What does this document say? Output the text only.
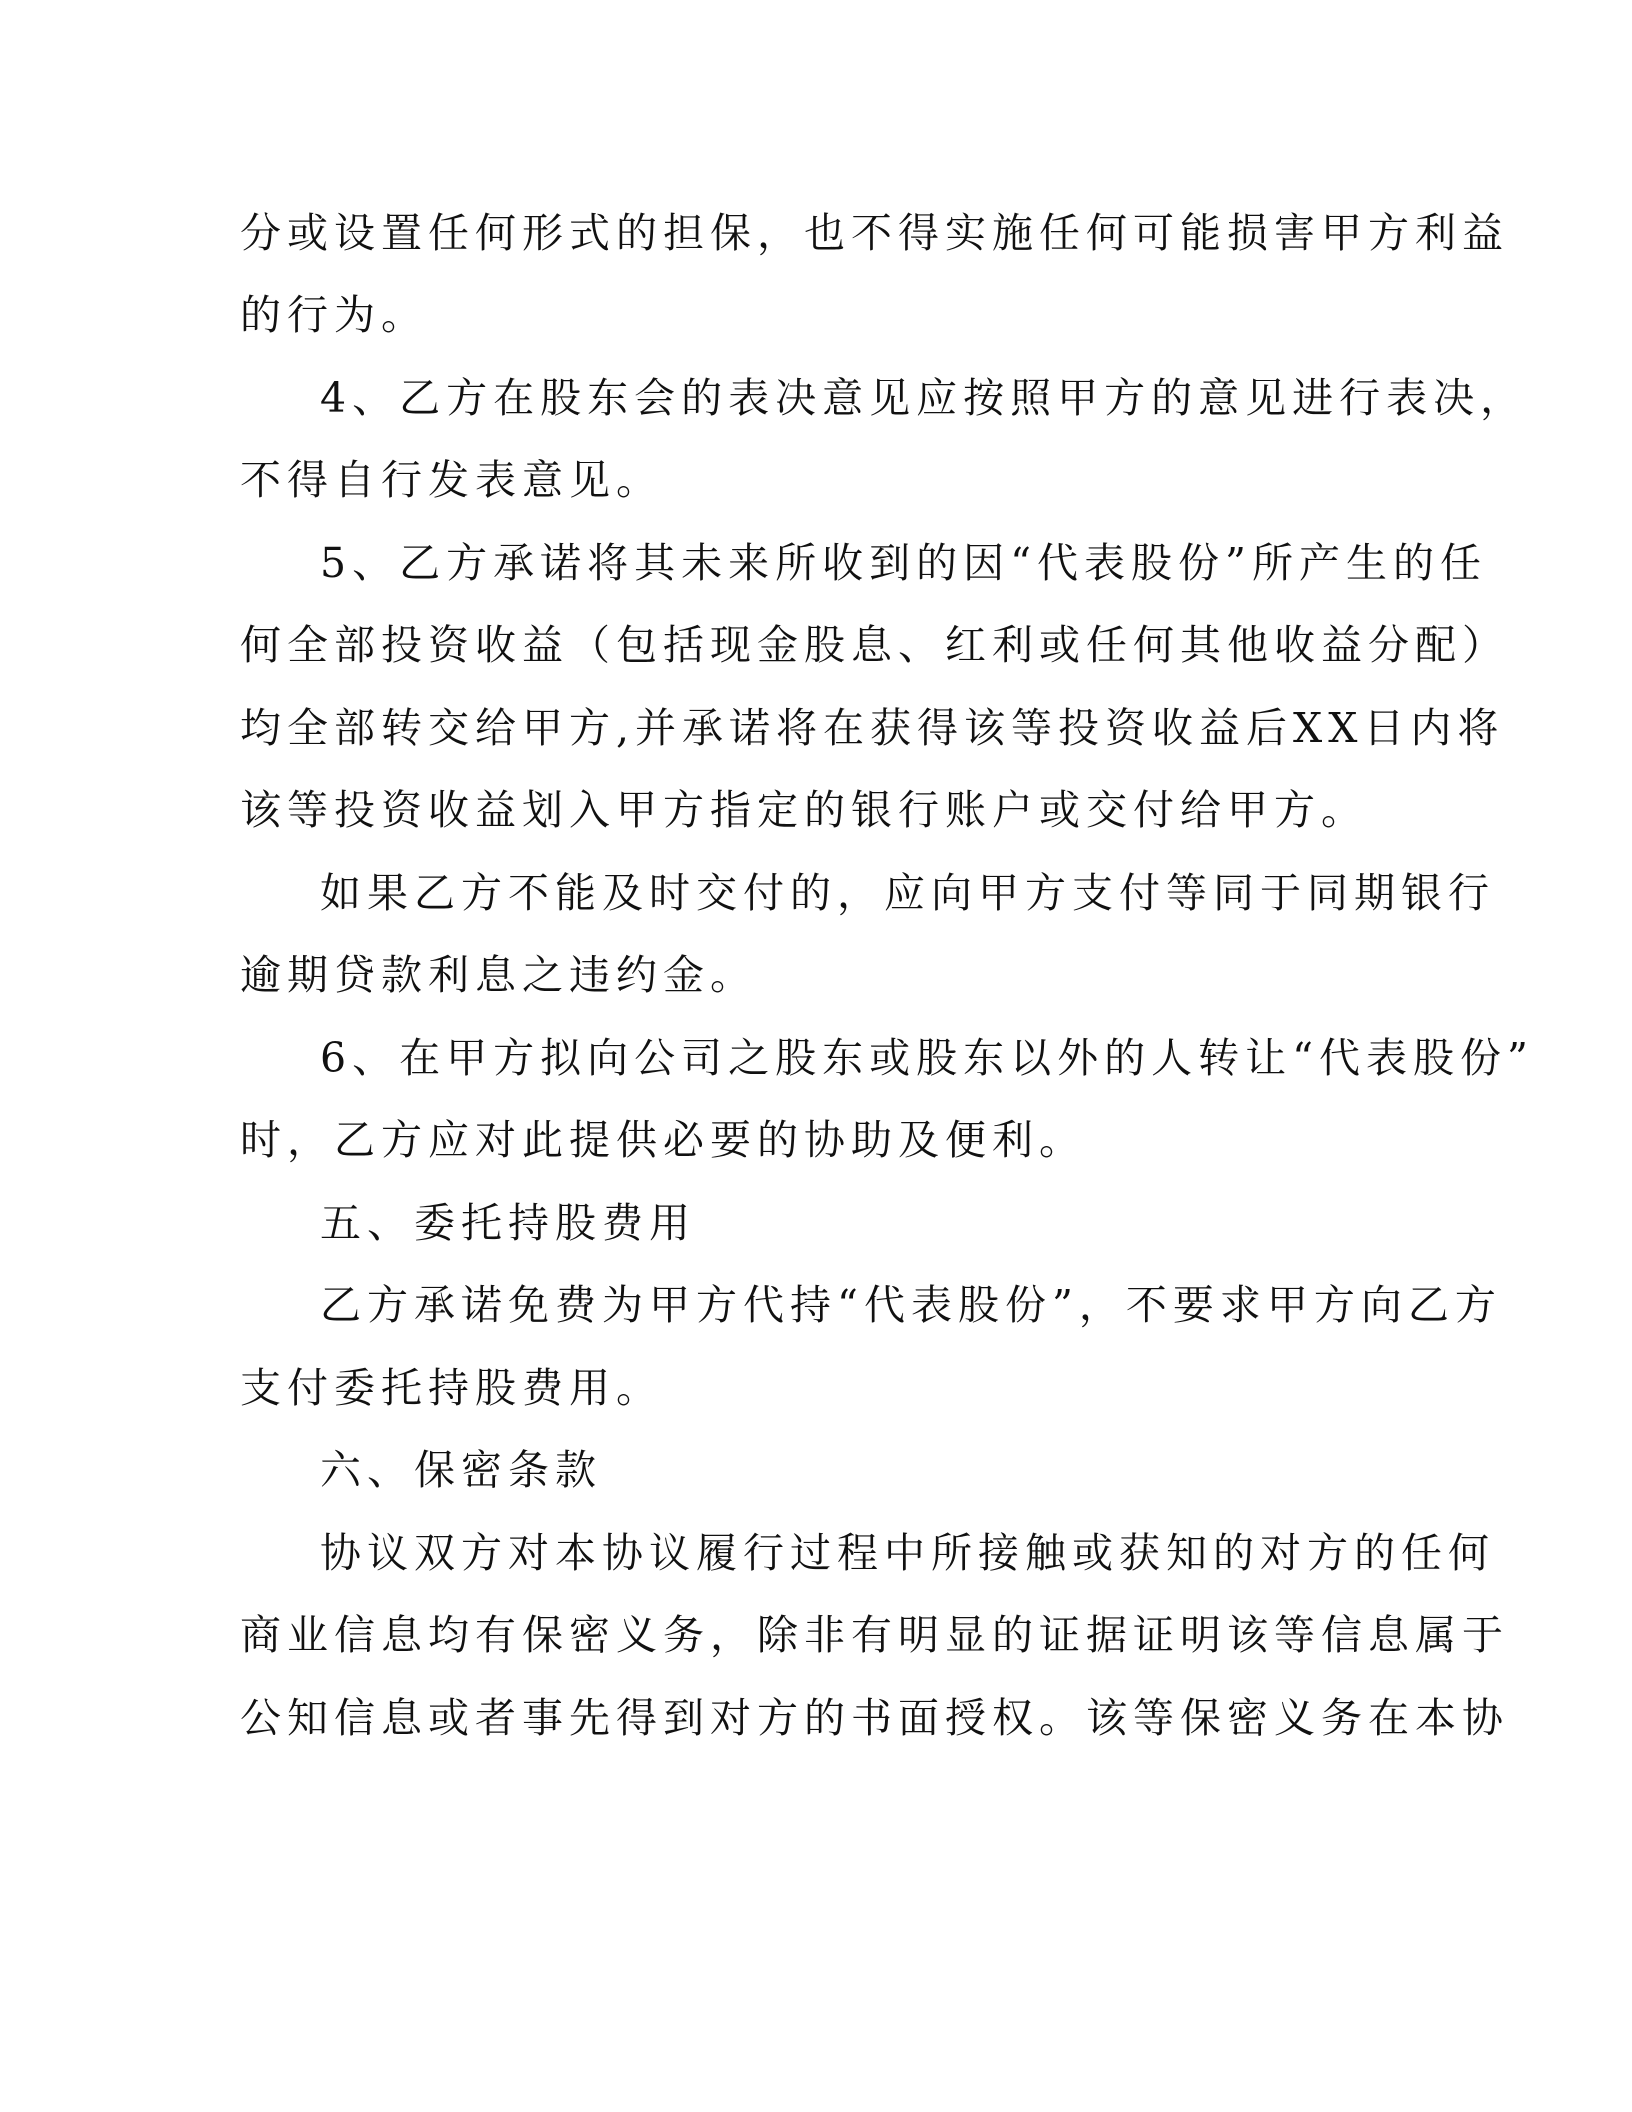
分或设置任何形式的担保，也不得实施任何可能损害甲方利益
的行为。
4、乙方在股东会的表决意见应按照甲方的意见进行表决，
不得自行发表意见。
5、乙方承诺将其未来所收到的因“代表股份”所产生的任
何全部投资收益（包括现金股息、红利或任何其他收益分配）
均全部转交给甲方,并承诺将在获得该等投资收益后XX日内将
该等投资收益划入甲方指定的银行账户或交付给甲方。
如果乙方不能及时交付的，应向甲方支付等同于同期银行
逾期贷款利息之违约金。
6、在甲方拟向公司之股东或股东以外的人转让“代表股份”
时，乙方应对此提供必要的协助及便利。
五、委托持股费用
乙方承诺免费为甲方代持“代表股份”，不要求甲方向乙方
支付委托持股费用。
六、保密条款
协议双方对本协议履行过程中所接触或获知的对方的任何
商业信息均有保密义务，除非有明显的证据证明该等信息属于
公知信息或者事先得到对方的书面授权。该等保密义务在本协
